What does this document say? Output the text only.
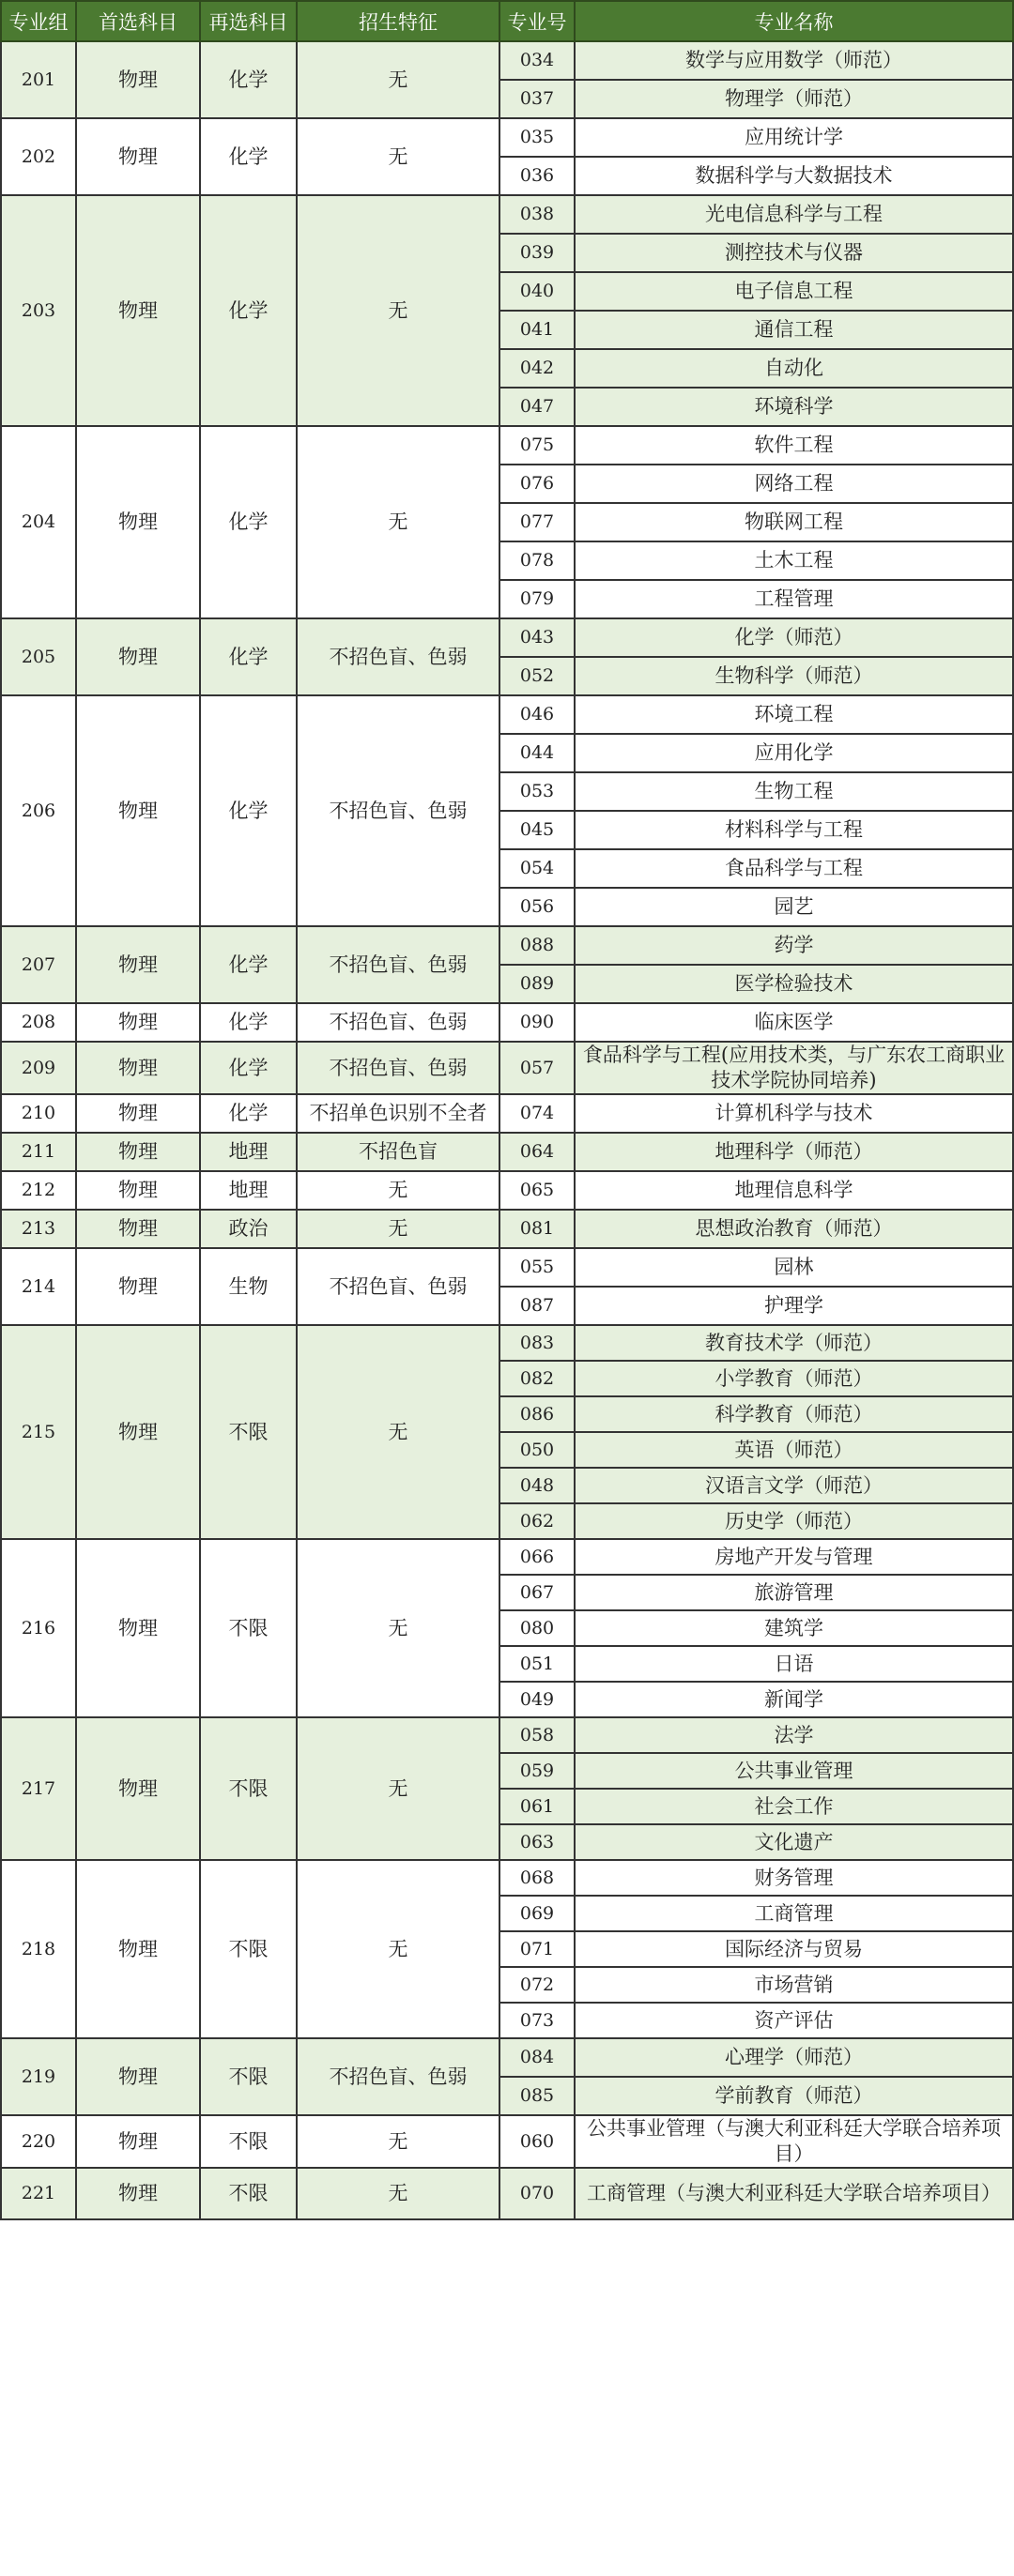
专业组	首选科目	再选科目	招生特征	专业号	专业名称
201	物理	化学	无	034	数学与应用数学（师范）
				037	物理学（师范）
202	物理	化学	无	035	应用统计学
				036	数据科学与大数据技术
203	物理	化学	无	038	光电信息科学与工程
				039	测控技术与仪器
				040	电子信息工程
				041	通信工程
				042	自动化
				047	环境科学
204	物理	化学	无	075	软件工程
				076	网络工程
				077	物联网工程
				078	土木工程
				079	工程管理
205	物理	化学	不招色盲、色弱	043	化学（师范）
				052	生物科学（师范）
206	物理	化学	不招色盲、色弱	046	环境工程
				044	应用化学
				053	生物工程
				045	材料科学与工程
				054	食品科学与工程
				056	园艺
207	物理	化学	不招色盲、色弱	088	药学
				089	医学检验技术
208	物理	化学	不招色盲、色弱	090	临床医学
209	物理	化学	不招色盲、色弱	057	食品科学与工程(应用技术类，与广东农工商职业技术学院协同培养)
210	物理	化学	不招单色识别不全者	074	计算机科学与技术
211	物理	地理	不招色盲	064	地理科学（师范）
212	物理	地理	无	065	地理信息科学
213	物理	政治	无	081	思想政治教育（师范）
214	物理	生物	不招色盲、色弱	055	园林
				087	护理学
215	物理	不限	无	083	教育技术学（师范）
				082	小学教育（师范）
				086	科学教育（师范）
				050	英语（师范）
				048	汉语言文学（师范）
				062	历史学（师范）
216	物理	不限	无	066	房地产开发与管理
				067	旅游管理
				080	建筑学
				051	日语
				049	新闻学
217	物理	不限	无	058	法学
				059	公共事业管理
				061	社会工作
				063	文化遗产
218	物理	不限	无	068	财务管理
				069	工商管理
				071	国际经济与贸易
				072	市场营销
				073	资产评估
219	物理	不限	不招色盲、色弱	084	心理学（师范）
				085	学前教育（师范）
220	物理	不限	无	060	公共事业管理（与澳大利亚科廷大学联合培养项目）
221	物理	不限	无	070	工商管理（与澳大利亚科廷大学联合培养项目）
